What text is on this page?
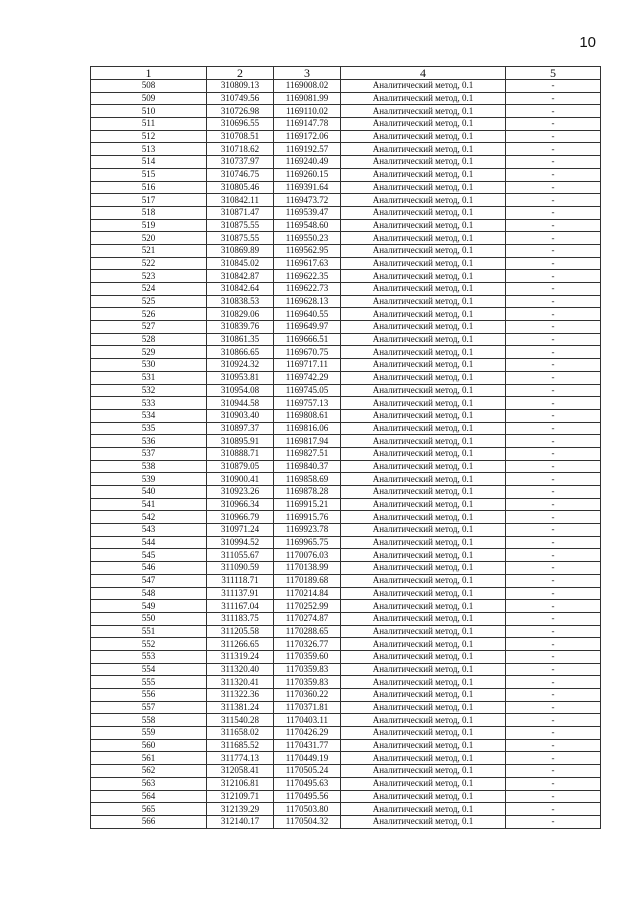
10
1	2	3	4	5
508	310809.13	1169008.02	Аналитический метод, 0.1	-
509	310749.56	1169081.99	Аналитический метод, 0.1	-
510	310726.98	1169110.02	Аналитический метод, 0.1	-
511	310696.55	1169147.78	Аналитический метод, 0.1	-
512	310708.51	1169172.06	Аналитический метод, 0.1	-
513	310718.62	1169192.57	Аналитический метод, 0.1	-
514	310737.97	1169240.49	Аналитический метод, 0.1	-
515	310746.75	1169260.15	Аналитический метод, 0.1	-
516	310805.46	1169391.64	Аналитический метод, 0.1	-
517	310842.11	1169473.72	Аналитический метод, 0.1	-
518	310871.47	1169539.47	Аналитический метод, 0.1	-
519	310875.55	1169548.60	Аналитический метод, 0.1	-
520	310875.55	1169550.23	Аналитический метод, 0.1	-
521	310869.89	1169562.95	Аналитический метод, 0.1	-
522	310845.02	1169617.63	Аналитический метод, 0.1	-
523	310842.87	1169622.35	Аналитический метод, 0.1	-
524	310842.64	1169622.73	Аналитический метод, 0.1	-
525	310838.53	1169628.13	Аналитический метод, 0.1	-
526	310829.06	1169640.55	Аналитический метод, 0.1	-
527	310839.76	1169649.97	Аналитический метод, 0.1	-
528	310861.35	1169666.51	Аналитический метод, 0.1	-
529	310866.65	1169670.75	Аналитический метод, 0.1	-
530	310924.32	1169717.11	Аналитический метод, 0.1	-
531	310953.81	1169742.29	Аналитический метод, 0.1	-
532	310954.08	1169745.05	Аналитический метод, 0.1	-
533	310944.58	1169757.13	Аналитический метод, 0.1	-
534	310903.40	1169808.61	Аналитический метод, 0.1	-
535	310897.37	1169816.06	Аналитический метод, 0.1	-
536	310895.91	1169817.94	Аналитический метод, 0.1	-
537	310888.71	1169827.51	Аналитический метод, 0.1	-
538	310879.05	1169840.37	Аналитический метод, 0.1	-
539	310900.41	1169858.69	Аналитический метод, 0.1	-
540	310923.26	1169878.28	Аналитический метод, 0.1	-
541	310966.34	1169915.21	Аналитический метод, 0.1	-
542	310966.79	1169915.76	Аналитический метод, 0.1	-
543	310971.24	1169923.78	Аналитический метод, 0.1	-
544	310994.52	1169965.75	Аналитический метод, 0.1	-
545	311055.67	1170076.03	Аналитический метод, 0.1	-
546	311090.59	1170138.99	Аналитический метод, 0.1	-
547	311118.71	1170189.68	Аналитический метод, 0.1	-
548	311137.91	1170214.84	Аналитический метод, 0.1	-
549	311167.04	1170252.99	Аналитический метод, 0.1	-
550	311183.75	1170274.87	Аналитический метод, 0.1	-
551	311205.58	1170288.65	Аналитический метод, 0.1	-
552	311266.65	1170326.77	Аналитический метод, 0.1	-
553	311319.24	1170359.60	Аналитический метод, 0.1	-
554	311320.40	1170359.83	Аналитический метод, 0.1	-
555	311320.41	1170359.83	Аналитический метод, 0.1	-
556	311322.36	1170360.22	Аналитический метод, 0.1	-
557	311381.24	1170371.81	Аналитический метод, 0.1	-
558	311540.28	1170403.11	Аналитический метод, 0.1	-
559	311658.02	1170426.29	Аналитический метод, 0.1	-
560	311685.52	1170431.77	Аналитический метод, 0.1	-
561	311774.13	1170449.19	Аналитический метод, 0.1	-
562	312058.41	1170505.24	Аналитический метод, 0.1	-
563	312106.81	1170495.63	Аналитический метод, 0.1	-
564	312109.71	1170495.56	Аналитический метод, 0.1	-
565	312139.29	1170503.80	Аналитический метод, 0.1	-
566	312140.17	1170504.32	Аналитический метод, 0.1	-
